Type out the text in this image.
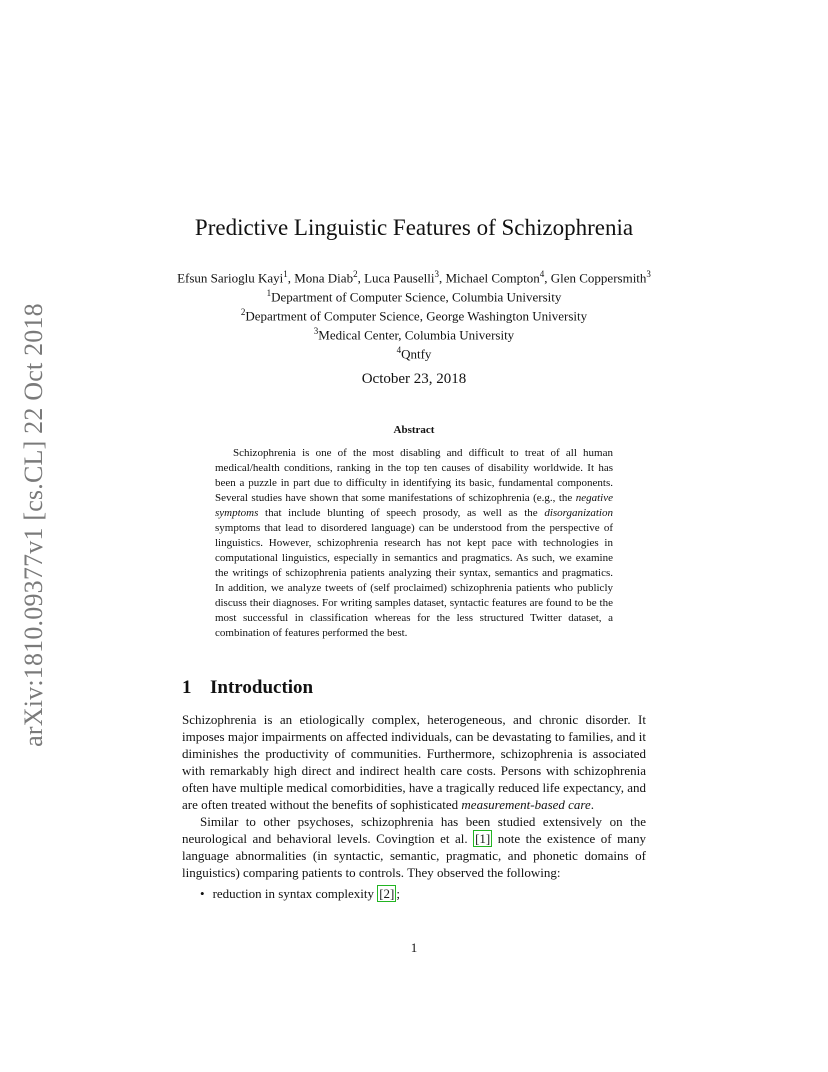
arXiv:1810.09377v1 [cs.CL] 22 Oct 2018
Predictive Linguistic Features of Schizophrenia
Efsun Sarioglu Kayi$^1$, Mona Diab$^2$, Luca Pauselli$^3$, Michael Compton$^4$, Glen Coppersmith$^3$
$^1$Department of Computer Science, Columbia University
$^2$Department of Computer Science, George Washington University
$^3$Medical Center, Columbia University
$^4$Qntfy
October 23, 2018
Abstract

Schizophrenia is one of the most disabling and difficult to treat of all human medical/health conditions, ranking in the top ten causes of disability worldwide. It has been a puzzle in part due to difficulty in identifying its basic, fundamental components. Several studies have shown that some manifestations of schizophrenia (e.g., the negative symptoms that include blunting of speech prosody, as well as the disorganization symptoms that lead to disordered language) can be understood from the perspective of linguistics. However, schizophrenia research has not kept pace with technologies in computational linguistics, especially in semantics and pragmatics. As such, we examine the writings of schizophrenia patients analyzing their syntax, semantics and pragmatics. In addition, we analyze tweets of (self proclaimed) schizophrenia patients who publicly discuss their diagnoses. For writing samples dataset, syntactic features are found to be the most successful in classification whereas for the less structured Twitter dataset, a combination of features performed the best.

1 Introduction

Schizophrenia is an etiologically complex, heterogeneous, and chronic disorder. It imposes major impairments on affected individuals, can be devastating to families, and it diminishes the productivity of communities. Furthermore, schizophrenia is associated with remarkably high direct and indirect health care costs. Persons with schizophrenia often have multiple medical comorbidities, have a tragically reduced life expectancy, and are often treated without the benefits of sophisticated measurement-based care.

Similar to other psychoses, schizophrenia has been studied extensively on the neurological and behavioral levels. Covingtion et al. [1] note the existence of many language abnormalities (in syntactic, semantic, pragmatic, and phonetic domains of linguistics) comparing patients to controls. They observed the following:

• reduction in syntax complexity [2] ;
1
